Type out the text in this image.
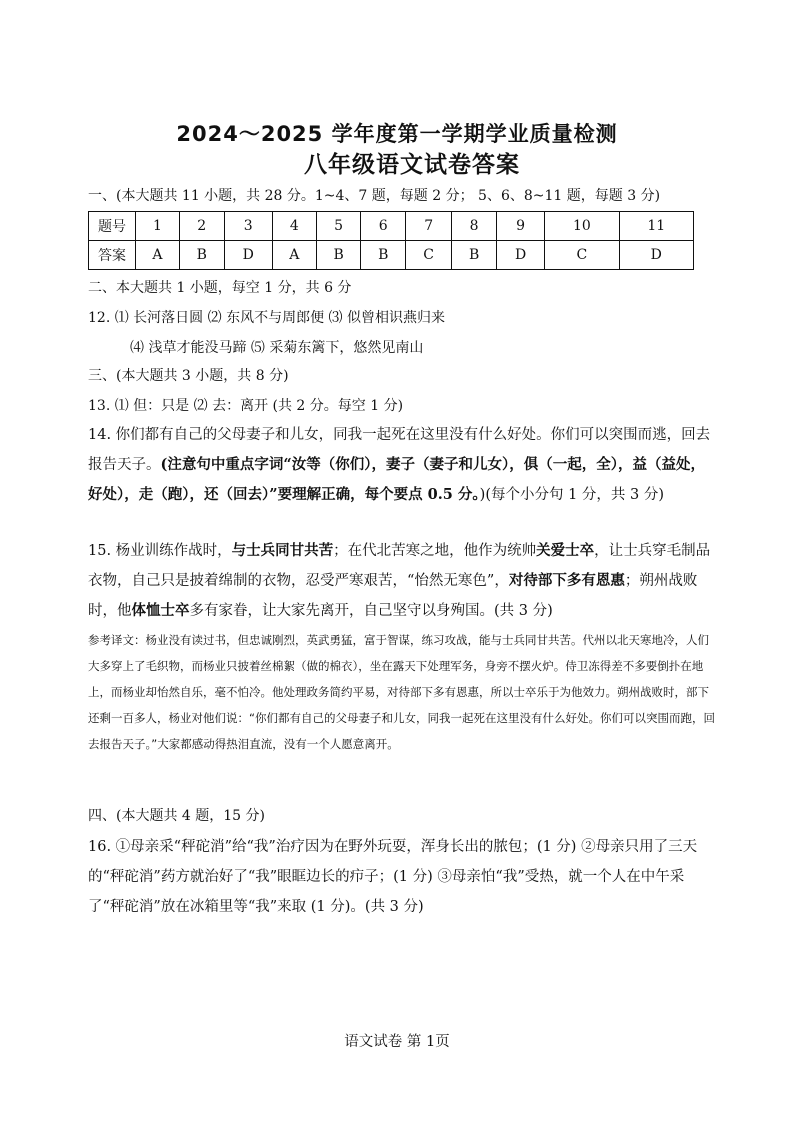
2024～2025 学年度第一学期学业质量检测
八年级语文试卷答案
一、(本大题共 11 小题，共 28 分。1~4、7 题，每题 2 分； 5、6、8~11 题，每题 3 分)
题号	1	2	3	4	5	6	7	8	9	10	11
答案	A	B	D	A	B	B	C	B	D	C	D
二、本大题共 1 小题，每空 1 分，共 6 分
12. ⑴ 长河落日圆 ⑵ 东风不与周郎便 ⑶ 似曾相识燕归来
⑷ 浅草才能没马蹄 ⑸ 采菊东篱下，悠然见南山
三、(本大题共 3 小题，共 8 分)
13. ⑴ 但：只是 ⑵ 去：离开 (共 2 分。每空 1 分)
14. 你们都有自己的父母妻子和儿女，同我一起死在这里没有什么好处。你们可以突围而逃，回去报告天子。(注意句中重点字词“汝等（你们），妻子（妻子和儿女），俱（一起，全），益（益处，好处），走（跑），还（回去）”要理解正确，每个要点 0.5 分。)(每个小分句 1 分，共 3 分)
15. 杨业训练作战时，与士兵同甘共苦；在代北苦寒之地，他作为统帅关爱士卒，让士兵穿毛制品衣物，自己只是披着绵制的衣物，忍受严寒艰苦，“怡然无寒色”，对待部下多有恩惠；朔州战败时，他体恤士卒多有家眷，让大家先离开，自己坚守以身殉国。(共 3 分)
参考译文：杨业没有读过书，但忠诚刚烈，英武勇猛，富于智谋，练习攻战，能与士兵同甘共苦。代州以北天寒地冷，人们大多穿上了毛织物，而杨业只披着丝棉絮（做的棉衣），坐在露天下处理军务，身旁不摆火炉。侍卫冻得差不多要倒扑在地上，而杨业却怡然自乐，毫不怕冷。他处理政务简约平易，对待部下多有恩惠，所以士卒乐于为他效力。朔州战败时，部下还剩一百多人，杨业对他们说：“你们都有自己的父母妻子和儿女，同我一起死在这里没有什么好处。你们可以突围而跑，回去报告天子。”大家都感动得热泪直流，没有一个人愿意离开。
四、(本大题共 4 题，15 分)
16. ①母亲采“秤砣消”给“我”治疗因为在野外玩耍，浑身长出的脓包；(1 分) ②母亲只用了三天的“秤砣消”药方就治好了“我”眼眶边长的疖子；(1 分) ③母亲怕“我”受热，就一个人在中午采了“秤砣消”放在冰箱里等“我”来取 (1 分)。(共 3 分)
语文试卷 第 1页
